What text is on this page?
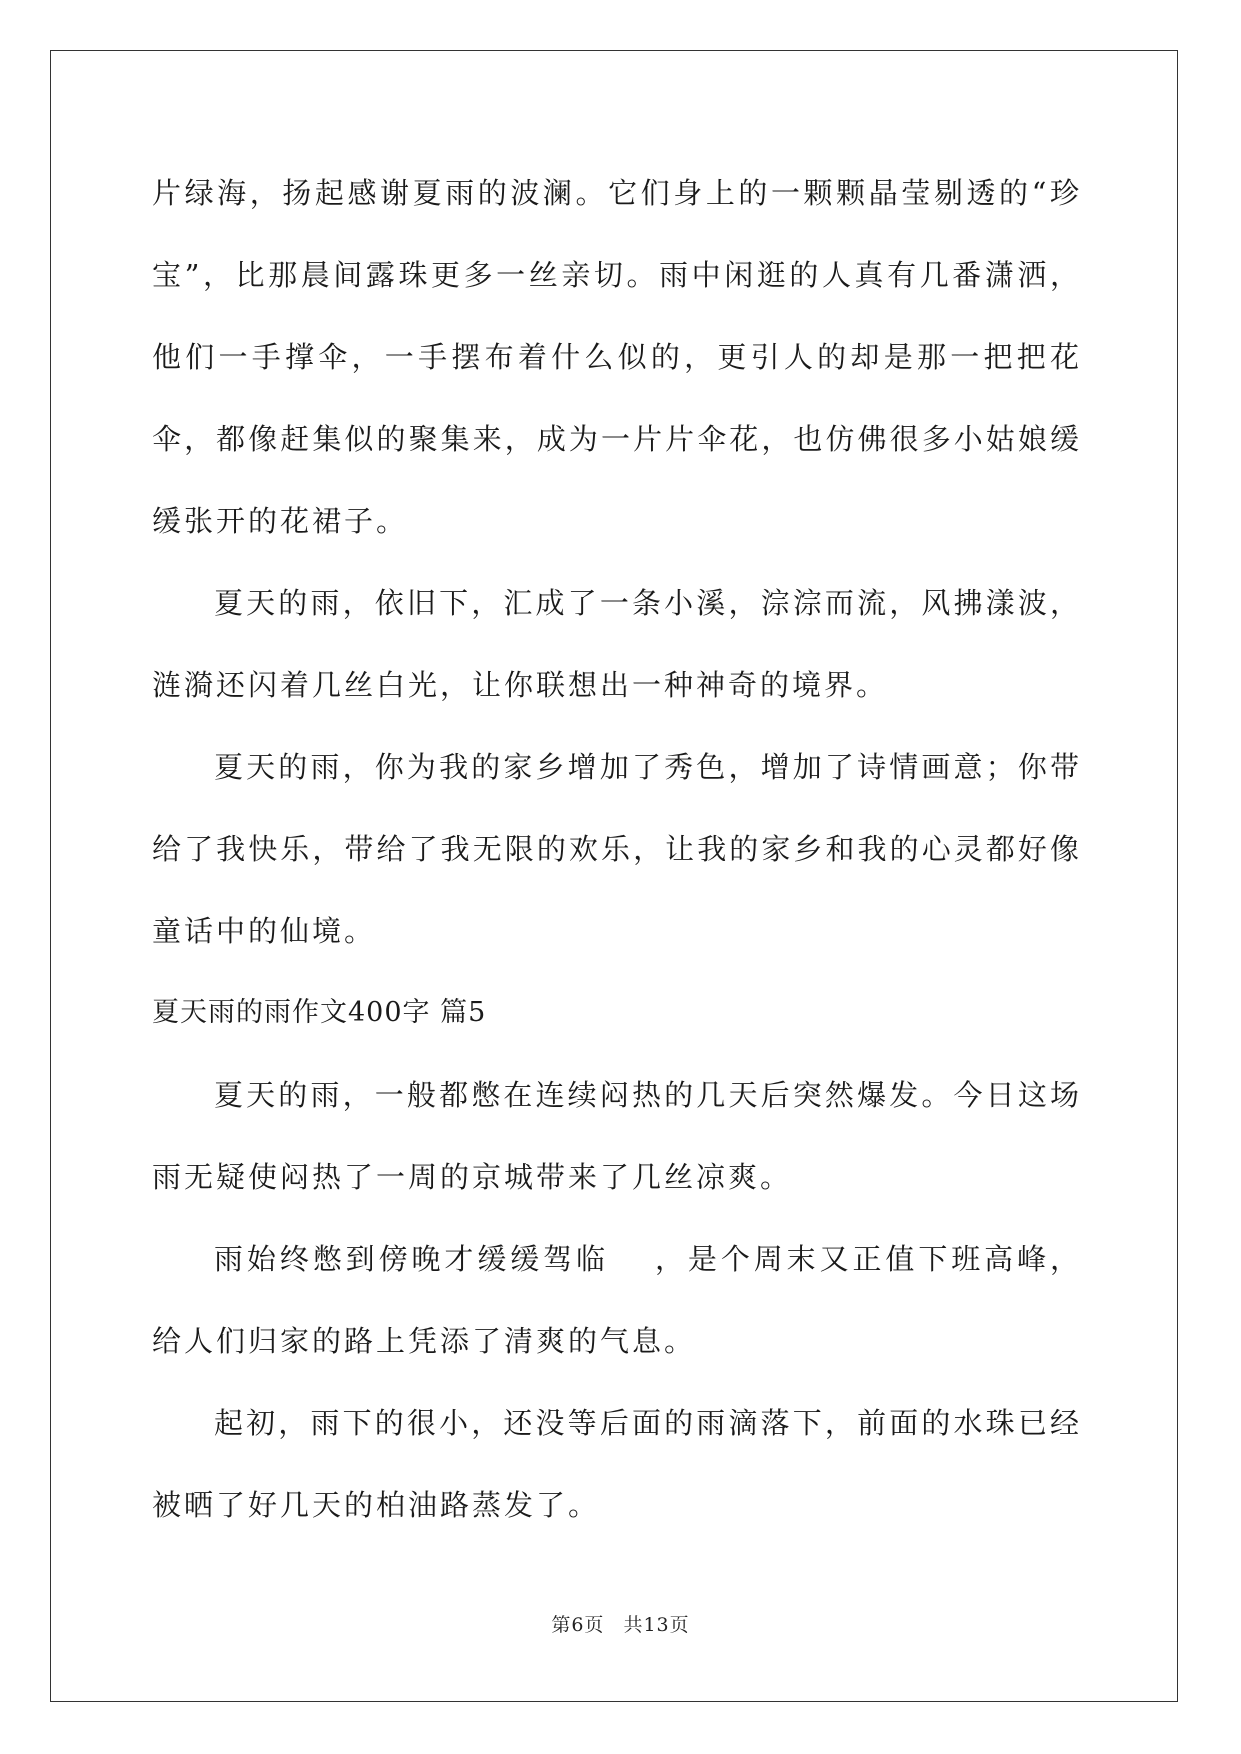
片绿海，扬起感谢夏雨的波澜。它们身上的一颗颗晶莹剔透的“珍宝”，比那晨间露珠更多一丝亲切。雨中闲逛的人真有几番潇洒，他们一手撑伞，一手摆布着什么似的，更引人的却是那一把把花伞，都像赶集似的聚集来，成为一片片伞花，也仿佛很多小姑娘缓缓张开的花裙子。

夏天的雨，依旧下，汇成了一条小溪，淙淙而流，风拂漾波，涟漪还闪着几丝白光，让你联想出一种神奇的境界。

夏天的雨，你为我的家乡增加了秀色，增加了诗情画意；你带给了我快乐，带给了我无限的欢乐，让我的家乡和我的心灵都好像童话中的仙境。

夏天雨的雨作文400字 篇5

夏天的雨，一般都憋在连续闷热的几天后突然爆发。今日这场雨无疑使闷热了一周的京城带来了几丝凉爽。

雨始终憋到傍晚才缓缓驾临　 ，是个周末又正值下班高峰，给人们归家的路上凭添了清爽的气息。

起初，雨下的很小，还没等后面的雨滴落下，前面的水珠已经被晒了好几天的柏油路蒸发了。

第6页 共13页
